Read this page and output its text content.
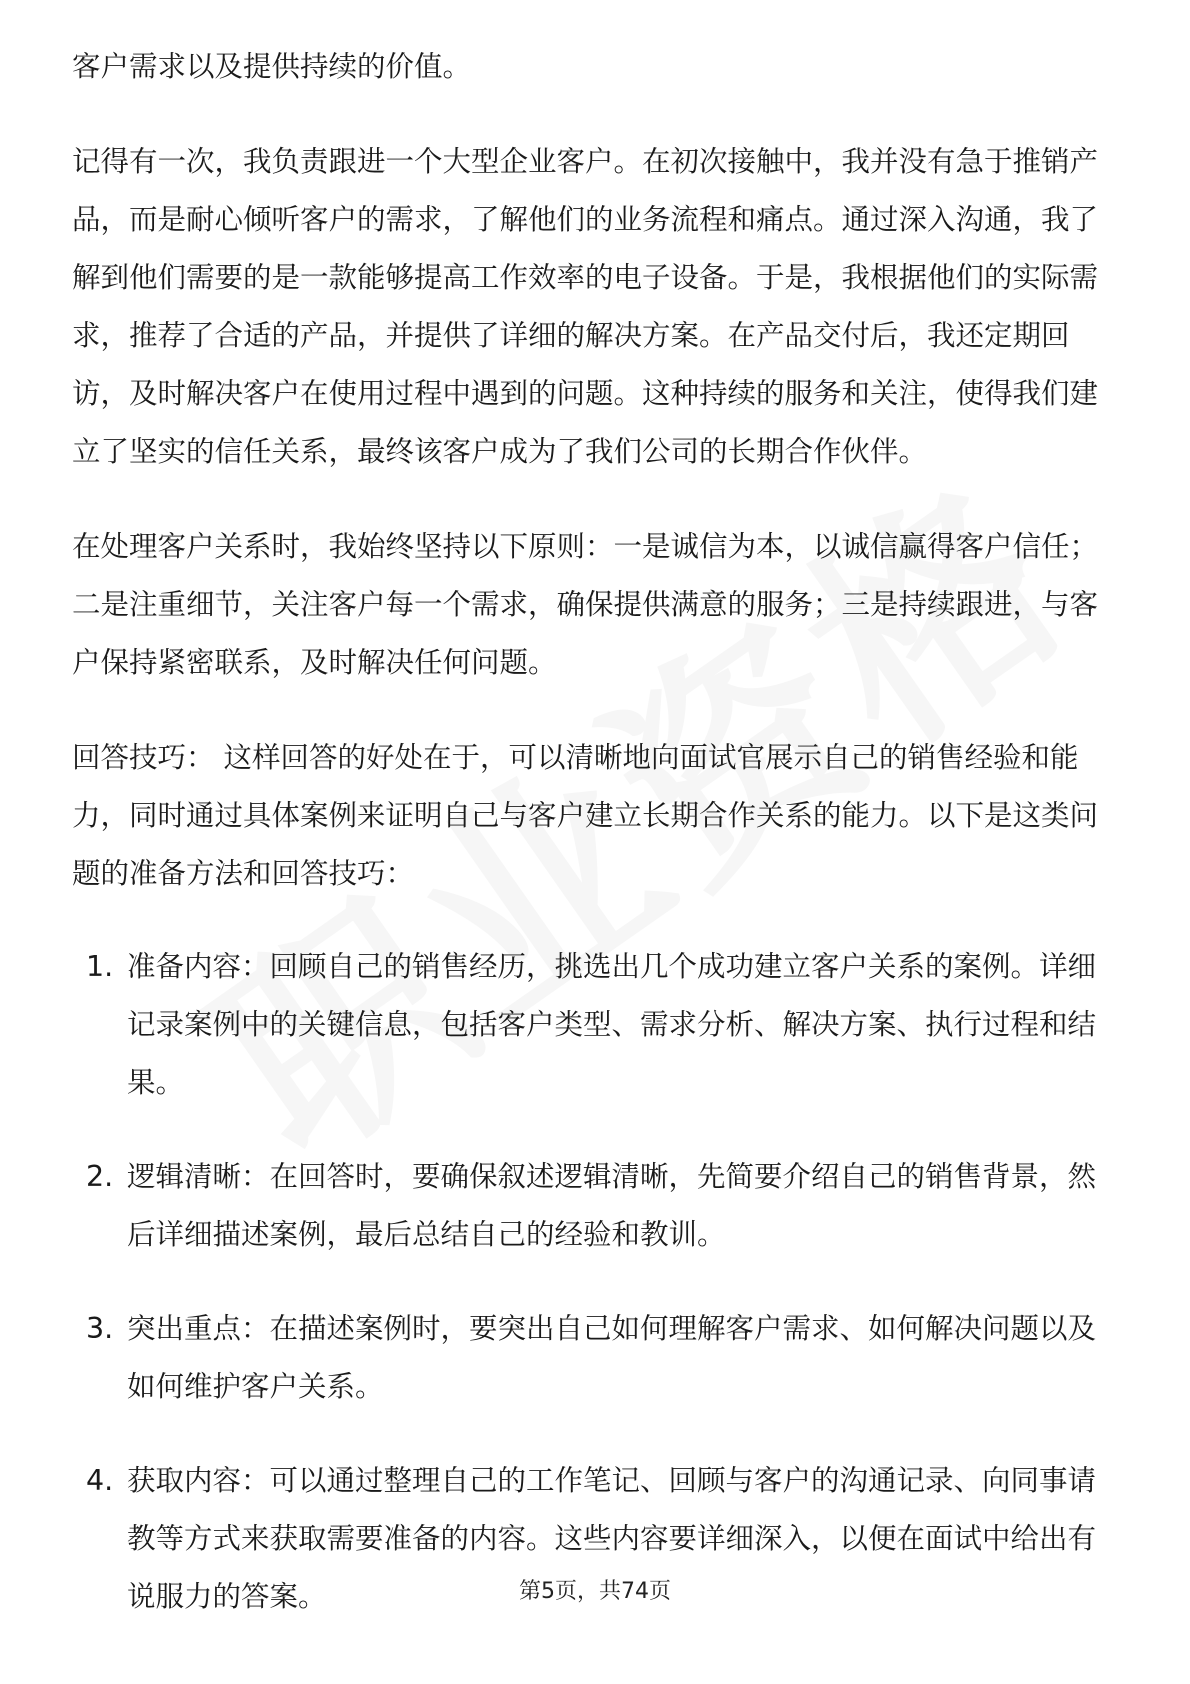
客户需求以及提供持续的价值。

记得有一次，我负责跟进一个大型企业客户。在初次接触中，我并没有急于推销产品，而是耐心倾听客户的需求，了解他们的业务流程和痛点。通过深入沟通，我了解到他们需要的是一款能够提高工作效率的电子设备。于是，我根据他们的实际需求，推荐了合适的产品，并提供了详细的解决方案。在产品交付后，我还定期回访，及时解决客户在使用过程中遇到的问题。这种持续的服务和关注，使得我们建立了坚实的信任关系，最终该客户成为了我们公司的长期合作伙伴。

在处理客户关系时，我始终坚持以下原则：一是诚信为本，以诚信赢得客户信任；二是注重细节，关注客户每一个需求，确保提供满意的服务；三是持续跟进，与客户保持紧密联系，及时解决任何问题。

回答技巧： 这样回答的好处在于，可以清晰地向面试官展示自己的销售经验和能力，同时通过具体案例来证明自己与客户建立长期合作关系的能力。以下是这类问题的准备方法和回答技巧：

1. 准备内容：回顾自己的销售经历，挑选出几个成功建立客户关系的案例。详细记录案例中的关键信息，包括客户类型、需求分析、解决方案、执行过程和结果。
2. 逻辑清晰：在回答时，要确保叙述逻辑清晰，先简要介绍自己的销售背景，然后详细描述案例，最后总结自己的经验和教训。
3. 突出重点：在描述案例时，要突出自己如何理解客户需求、如何解决问题以及如何维护客户关系。
4. 获取内容：可以通过整理自己的工作笔记、回顾与客户的沟通记录、向同事请教等方式来获取需要准备的内容。这些内容要详细深入，以便在面试中给出有说服力的答案。	第5页，共74页
